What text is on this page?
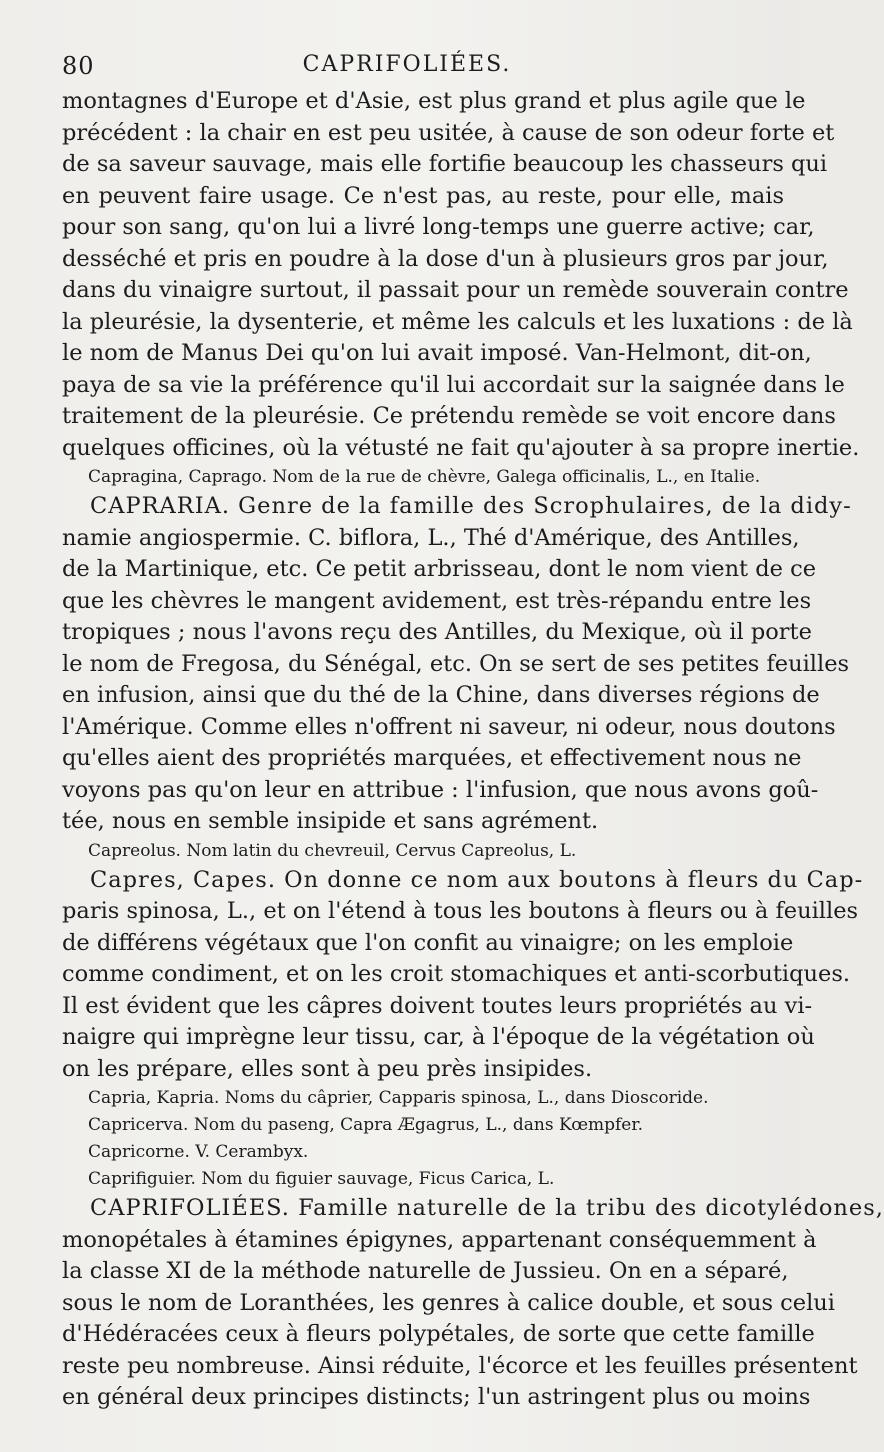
80	CAPRIFOLIÉES.
montagnes d'Europe et d'Asie, est plus grand et plus agile que le
précédent : la chair en est peu usitée, à cause de son odeur forte et
de sa saveur sauvage, mais elle fortifie beaucoup les chasseurs qui
en peuvent faire usage. Ce n'est pas, au reste, pour elle, mais
pour son sang, qu'on lui a livré long-temps une guerre active; car,
desséché et pris en poudre à la dose d'un à plusieurs gros par jour,
dans du vinaigre surtout, il passait pour un remède souverain contre
la pleurésie, la dysenterie, et même les calculs et les luxations : de là
le nom de Manus Dei qu'on lui avait imposé. Van-Helmont, dit-on,
paya de sa vie la préférence qu'il lui accordait sur la saignée dans le
traitement de la pleurésie. Ce prétendu remède se voit encore dans
quelques officines, où la vétusté ne fait qu'ajouter à sa propre inertie.
Capragina, Caprago. Nom de la rue de chèvre, Galega officinalis, L., en Italie.
CAPRARIA. Genre de la famille des Scrophulaires, de la didy-
namie angiospermie. C. biflora, L., Thé d'Amérique, des Antilles,
de la Martinique, etc. Ce petit arbrisseau, dont le nom vient de ce
que les chèvres le mangent avidement, est très-répandu entre les
tropiques ; nous l'avons reçu des Antilles, du Mexique, où il porte
le nom de Fregosa, du Sénégal, etc. On se sert de ses petites feuilles
en infusion, ainsi que du thé de la Chine, dans diverses régions de
l'Amérique. Comme elles n'offrent ni saveur, ni odeur, nous doutons
qu'elles aient des propriétés marquées, et effectivement nous ne
voyons pas qu'on leur en attribue : l'infusion, que nous avons goû-
tée, nous en semble insipide et sans agrément.
Capreolus. Nom latin du chevreuil, Cervus Capreolus, L.
Capres, Capes. On donne ce nom aux boutons à fleurs du Cap-
paris spinosa, L., et on l'étend à tous les boutons à fleurs ou à feuilles
de différens végétaux que l'on confit au vinaigre; on les emploie
comme condiment, et on les croit stomachiques et anti-scorbutiques.
Il est évident que les câpres doivent toutes leurs propriétés au vi-
naigre qui imprègne leur tissu, car, à l'époque de la végétation où
on les prépare, elles sont à peu près insipides.
Capria, Kapria. Noms du câprier, Capparis spinosa, L., dans Dioscoride.
Capricerva. Nom du paseng, Capra Ægagrus, L., dans Kœmpfer.
Capricorne. V. Cerambyx.
Caprifiguier. Nom du figuier sauvage, Ficus Carica, L.
CAPRIFOLIÉES. Famille naturelle de la tribu des dicotylédones,
monopétales à étamines épigynes, appartenant conséquemment à
la classe XI de la méthode naturelle de Jussieu. On en a séparé,
sous le nom de Loranthées, les genres à calice double, et sous celui
d'Hédéracées ceux à fleurs polypétales, de sorte que cette famille
reste peu nombreuse. Ainsi réduite, l'écorce et les feuilles présentent
en général deux principes distincts; l'un astringent plus ou moins
